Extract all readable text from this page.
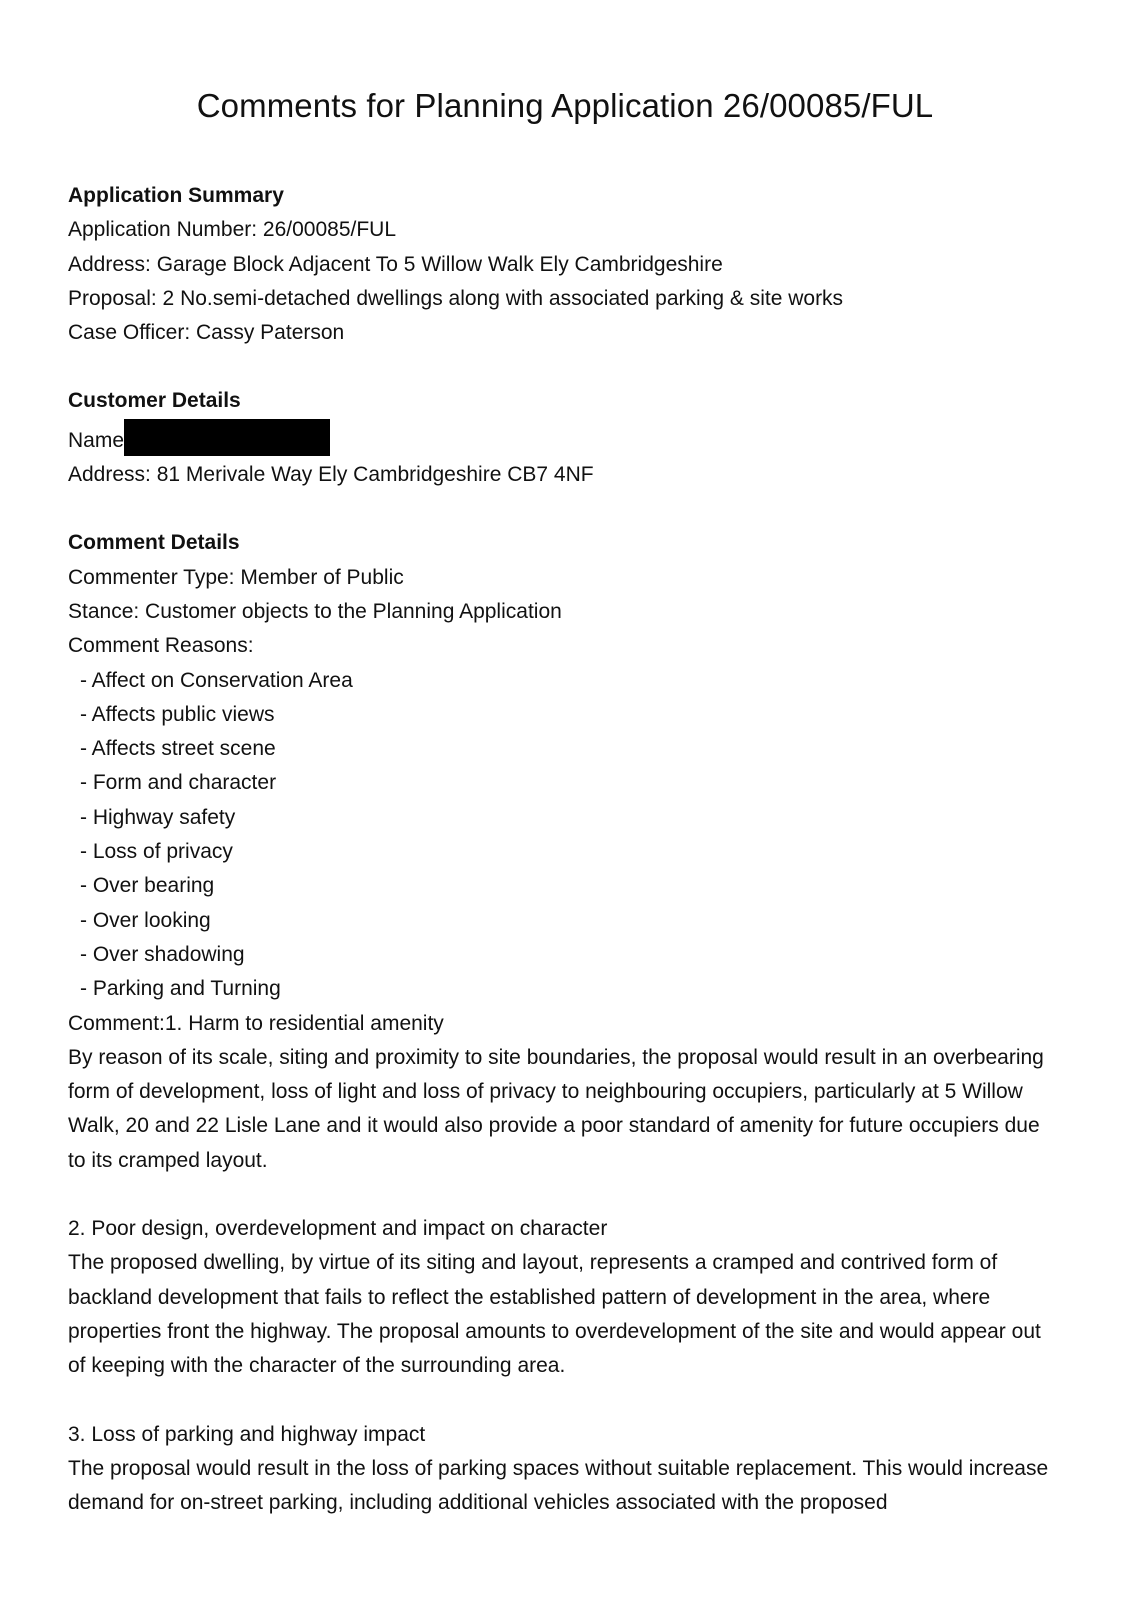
Comments for Planning Application 26/00085/FUL

Application Summary

Application Number: 26/00085/FUL

Address: Garage Block Adjacent To 5 Willow Walk Ely Cambridgeshire

Proposal: 2 No.semi-detached dwellings along with associated parking & site works

Case Officer: Cassy Paterson

Customer Details

Name

Address: 81 Merivale Way Ely Cambridgeshire CB7 4NF

Comment Details

Commenter Type: Member of Public

Stance: Customer objects to the Planning Application

Comment Reasons:

- Affect on Conservation Area

- Affects public views

- Affects street scene

- Form and character

- Highway safety

- Loss of privacy

- Over bearing

- Over looking

- Over shadowing

- Parking and Turning

Comment:1. Harm to residential amenity

By reason of its scale, siting and proximity to site boundaries, the proposal would result in an overbearing form of development, loss of light and loss of privacy to neighbouring occupiers, particularly at 5 Willow Walk, 20 and 22 Lisle Lane and it would also provide a poor standard of amenity for future occupiers due to its cramped layout.

2. Poor design, overdevelopment and impact on character

The proposed dwelling, by virtue of its siting and layout, represents a cramped and contrived form of backland development that fails to reflect the established pattern of development in the area, where properties front the highway. The proposal amounts to overdevelopment of the site and would appear out of keeping with the character of the surrounding area.

3. Loss of parking and highway impact

The proposal would result in the loss of parking spaces without suitable replacement. This would increase demand for on-street parking, including additional vehicles associated with the proposed
